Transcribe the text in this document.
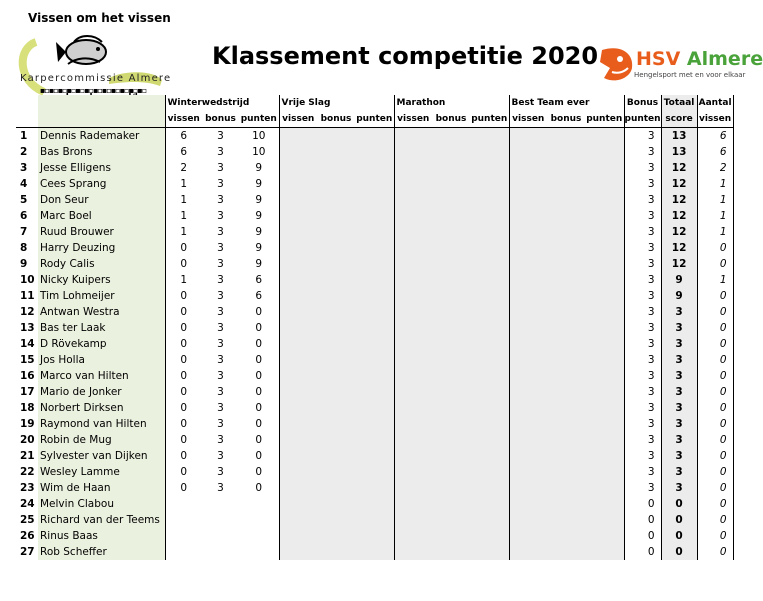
Vissen om het vissen
Karpercommissie Almere
▪▫▪▫▪▫▪▫▪▫▪▫▪▫▪▫▪▫▪▫▪▫▪▫
Klassement competitie 2020 HSV Almere
Hengelsport met en voor elkaar
		Winterwedstrijd			Vrije Slag			Marathon			Best Team ever			Bonus	Totaal	Aantal
		vissen	bonus	punten	vissen	bonus	punten	vissen	bonus	punten	vissen	bonus	punten	punten	score	vissen
1	Dennis Rademaker	6	3	10										3	13	6
2	Bas Brons	6	3	10										3	13	6
3	Jesse Elligens	2	3	9										3	12	2
4	Cees Sprang	1	3	9										3	12	1
5	Don Seur	1	3	9										3	12	1
6	Marc Boel	1	3	9										3	12	1
7	Ruud Brouwer	1	3	9										3	12	1
8	Harry Deuzing	0	3	9										3	12	0
9	Rody Calis	0	3	9										3	12	0
10	Nicky Kuipers	1	3	6										3	9	1
11	Tim Lohmeijer	0	3	6										3	9	0
12	Antwan Westra	0	3	0										3	3	0
13	Bas ter Laak	0	3	0										3	3	0
14	D Rövekamp	0	3	0										3	3	0
15	Jos Holla	0	3	0										3	3	0
16	Marco van Hilten	0	3	0										3	3	0
17	Mario de Jonker	0	3	0										3	3	0
18	Norbert Dirksen	0	3	0										3	3	0
19	Raymond van Hilten	0	3	0										3	3	0
20	Robin de Mug	0	3	0										3	3	0
21	Sylvester van Dijken	0	3	0										3	3	0
22	Wesley Lamme	0	3	0										3	3	0
23	Wim de Haan	0	3	0										3	3	0
24	Melvin Clabou													0	0	0
25	Richard van der Teems													0	0	0
26	Rinus Baas													0	0	0
27	Rob Scheffer													0	0	0
